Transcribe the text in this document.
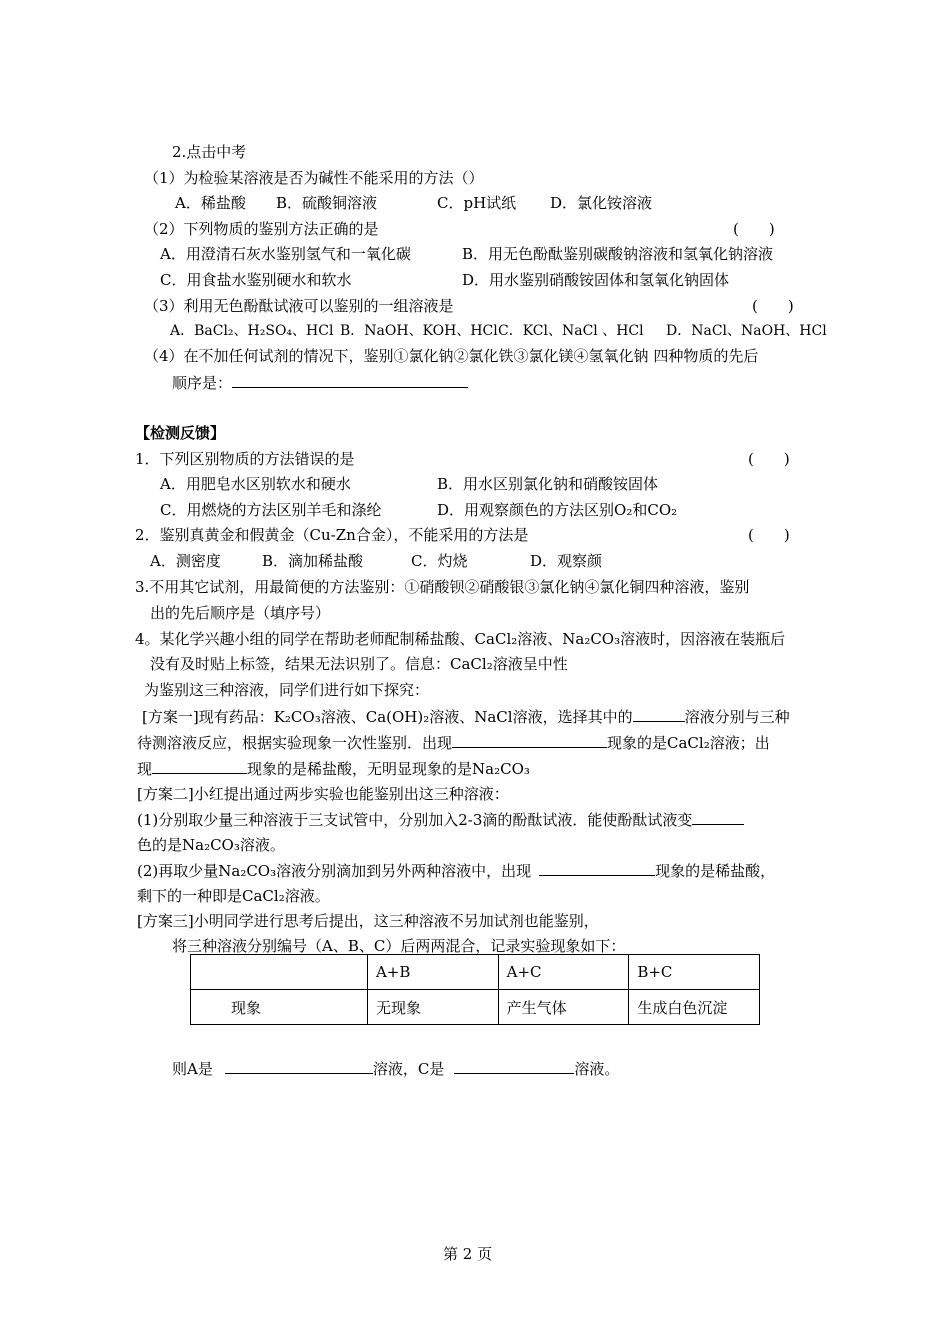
2.点击中考
（1）为检验某溶液是否为碱性不能采用的方法（）
A．稀盐酸 B．硫酸铜溶液	C．pH试纸 D．氯化铵溶液
（2）下列物质的鉴别方法正确的是	(　　)
A．用澄清石灰水鉴别氢气和一氧化碳	B．用无色酚酞鉴别碳酸钠溶液和氢氧化钠溶液
C．用食盐水鉴别硬水和软水	D．用水鉴别硝酸铵固体和氢氧化钠固体
（3）利用无色酚酞试液可以鉴别的一组溶液是	(　　)
A．BaCl₂、H₂SO₄、HCl B．NaOH、KOH、HCl C．KCl、NaCl 、HCl D．NaCl、NaOH、HCl
（4）在不加任何试剂的情况下，鉴别①氯化钠②氯化铁③氯化镁④氢氧化钠 四种物质的先后
顺序是：
【检测反馈】
1．下列区别物质的方法错误的是	(　　)
A．用肥皂水区别软水和硬水	B．用水区别氯化钠和硝酸铵固体
C．用燃烧的方法区别羊毛和涤纶	D．用观察颜色的方法区别O₂和CO₂
2．鉴别真黄金和假黄金（Cu-Zn合金），不能采用的方法是	(　　)
A．测密度	B．滴加稀盐酸	C．灼烧	D．观察颜
3.不用其它试剂，用最简便的方法鉴别：①硝酸钡②硝酸银③氯化钠④氯化铜四种溶液，鉴别
出的先后顺序是（填序号）
4。某化学兴趣小组的同学在帮助老师配制稀盐酸、CaCl₂溶液、Na₂CO₃溶液时，因溶液在装瓶后
没有及时贴上标签，结果无法识别了。信息：CaCl₂溶液呈中性
为鉴别这三种溶液，同学们进行如下探究：
[方案一]现有药品：K₂CO₃溶液、Ca(OH)₂溶液、NaCl溶液，选择其中的	溶液分别与三种
待测溶液反应，根据实验现象一次性鉴别．出现	现象的是CaCl₂溶液；出
现	现象的是稀盐酸，无明显现象的是Na₂CO₃
[方案二]小红提出通过两步实验也能鉴别出这三种溶液：
(1)分别取少量三种溶液于三支试管中，分别加入2-3滴的酚酞试液．能使酚酞试液变
色的是Na₂CO₃溶液。
(2)再取少量Na₂CO₃溶液分别滴加到另外两种溶液中，出现	现象的是稀盐酸，
剩下的一种即是CaCl₂溶液。
[方案三]小明同学进行思考后提出，这三种溶液不另加试剂也能鉴别，
将三种溶液分别编号（A、B、C）后两两混合，记录实验现象如下：
	A+B	A+C	B+C
现象	无现象	产生气体	生成白色沉淀
则A是	溶液，C是	溶液。
第 2 页
